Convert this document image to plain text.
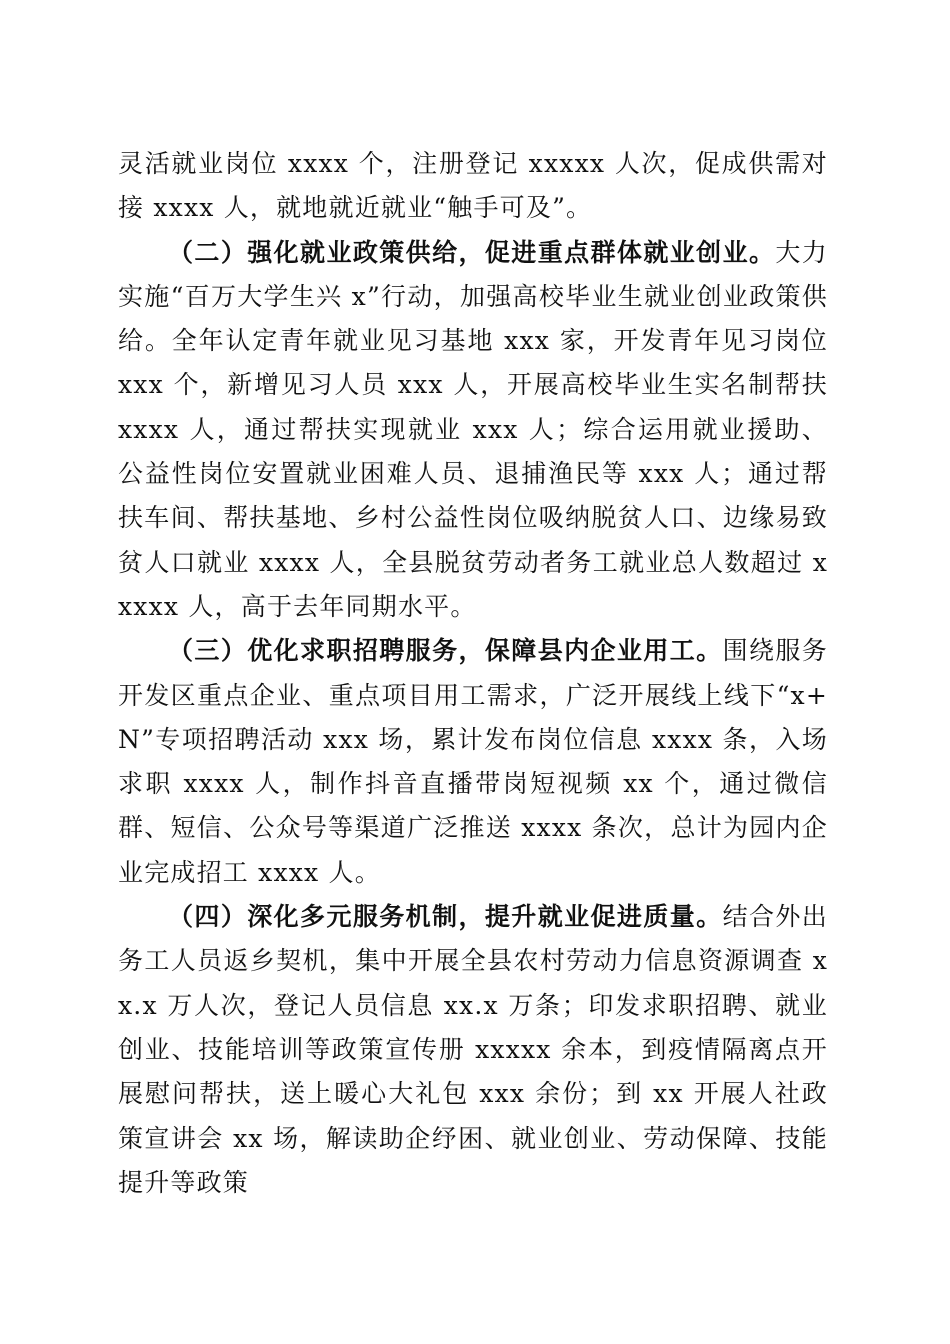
灵活就业岗位 xxxx 个，注册登记 xxxxx 人次，促成供需对接 xxxx 人，就地就近就业“触手可及”。

（二）强化就业政策供给，促进重点群体就业创业。大力实施“百万大学生兴 x”行动，加强高校毕业生就业创业政策供给。全年认定青年就业见习基地 xxx 家，开发青年见习岗位 xxx 个，新增见习人员 xxx 人，开展高校毕业生实名制帮扶 xxxx 人，通过帮扶实现就业 xxx 人；综合运用就业援助、公益性岗位安置就业困难人员、退捕渔民等 xxx 人；通过帮扶车间、帮扶基地、乡村公益性岗位吸纳脱贫人口、边缘易致贫人口就业 xxxx 人，全县脱贫劳动者务工就业总人数超过 xxxxx 人，高于去年同期水平。

（三）优化求职招聘服务，保障县内企业用工。围绕服务开发区重点企业、重点项目用工需求，广泛开展线上线下“x+N”专项招聘活动 xxx 场，累计发布岗位信息 xxxx 条，入场求职 xxxx 人，制作抖音直播带岗短视频 xx 个，通过微信群、短信、公众号等渠道广泛推送 xxxx 条次，总计为园内企业完成招工 xxxx 人。

（四）深化多元服务机制，提升就业促进质量。结合外出务工人员返乡契机，集中开展全县农村劳动力信息资源调查 xx.x 万人次，登记人员信息 xx.x 万条；印发求职招聘、就业创业、技能培训等政策宣传册 xxxxx 余本，到疫情隔离点开展慰问帮扶，送上暖心大礼包 xxx 余份；到 xx 开展人社政策宣讲会 xx 场，解读助企纾困、就业创业、劳动保障、技能提升等政策
